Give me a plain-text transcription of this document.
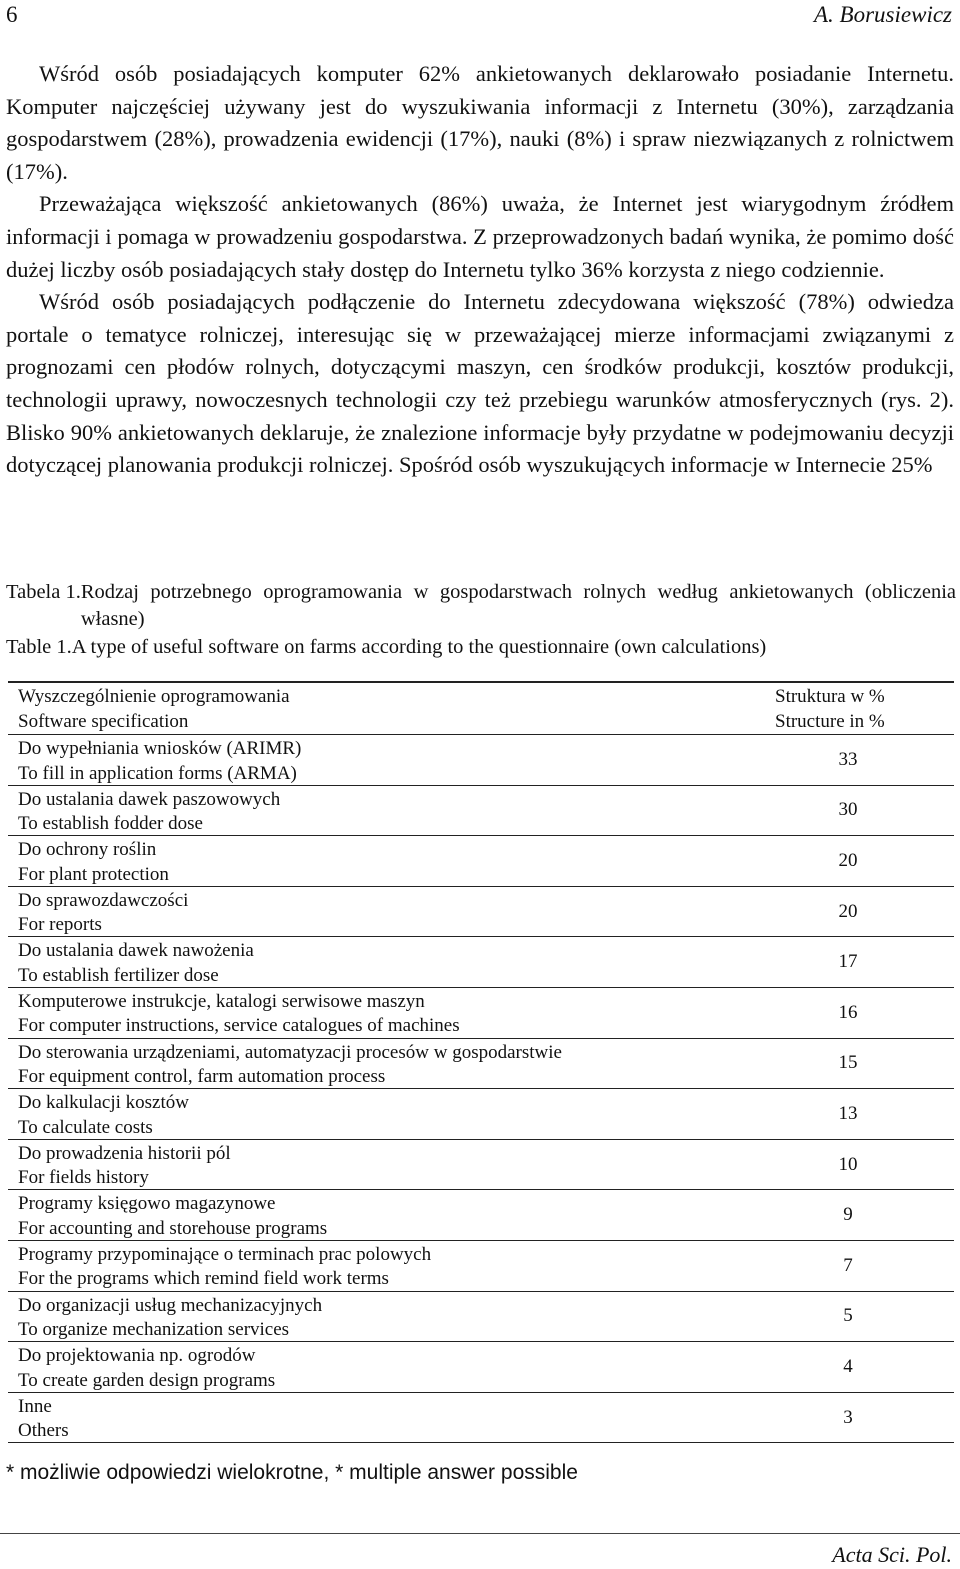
6	A. Borusiewicz

Wśród osób posiadających komputer 62% ankietowanych deklarowało posiadanie Internetu. Komputer najczęściej używany jest do wyszukiwania informacji z Internetu (30%), zarządzania gospodarstwem (28%), prowadzenia ewidencji (17%), nauki (8%) i spraw niezwiązanych z rolnictwem (17%).

Przeważająca większość ankietowanych (86%) uważa, że Internet jest wiarygodnym źródłem informacji i pomaga w prowadzeniu gospodarstwa. Z przeprowadzonych badań wynika, że pomimo dość dużej liczby osób posiadających stały dostęp do Internetu tylko 36% korzysta z niego codziennie.

Wśród osób posiadających podłączenie do Internetu zdecydowana większość (78%) odwiedza portale o tematyce rolniczej, interesując się w przeważającej mierze informacjami związanymi z prognozami cen płodów rolnych, dotyczącymi maszyn, cen środków produkcji, kosztów produkcji, technologii uprawy, nowoczesnych technologii czy też przebiegu warunków atmosferycznych (rys. 2). Blisko 90% ankietowanych deklaruje, że znalezione informacje były przydatne w podejmowaniu decyzji dotyczącej planowania produkcji rolniczej. Spośród osób wyszukujących informacje w Internecie 25%

Tabela 1. Rodzaj potrzebnego oprogramowania w gospodarstwach rolnych według ankietowanych (obliczenia własne)
Table 1. A type of useful software on farms according to the questionnaire (own calculations)
Wyszczególnienie oprogramowania
Software specification
Struktura w %
Structure in %
Do wypełniania wniosków (ARIMR)
To fill in application forms (ARMA)
33
Do ustalania dawek paszowowych
To establish fodder dose
30
Do ochrony roślin
For plant protection
20
Do sprawozdawczości
For reports
20
Do ustalania dawek nawożenia
To establish fertilizer dose
17
Komputerowe instrukcje, katalogi serwisowe maszyn
For computer instructions, service catalogues of machines
16
Do sterowania urządzeniami, automatyzacji procesów w gospodarstwie
For equipment control, farm automation process
15
Do kalkulacji kosztów
To calculate costs
13
Do prowadzenia historii pól
For fields history
10
Programy księgowo magazynowe
For accounting and storehouse programs
9
Programy przypominające o terminach prac polowych
For the programs which remind field work terms
7
Do organizacji usług mechanizacyjnych
To organize mechanization services
5
Do projektowania np. ogrodów
To create garden design programs
4
Inne
Others
3
* możliwie odpowiedzi wielokrotne, * multiple answer possible
Acta Sci. Pol.
